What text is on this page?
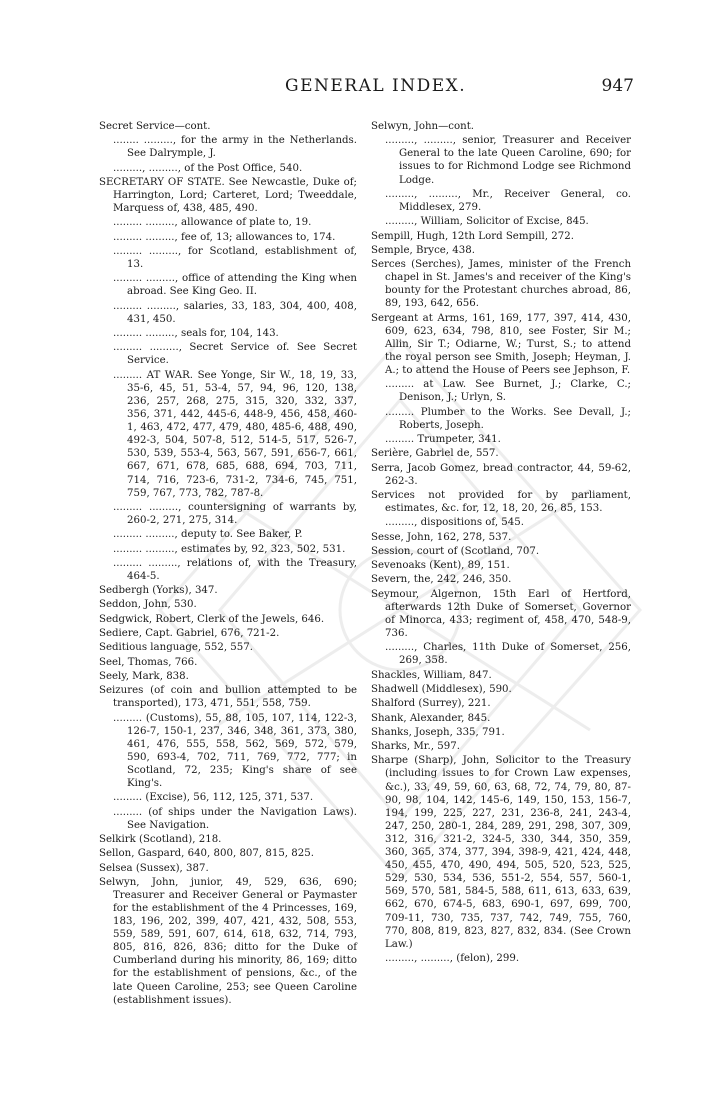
GENERAL INDEX.	947

Secret Service—cont.

........ ........., for the army in the Netherlands. See Dalrymple, J.

........., ........., of the Post Office, 540.

SECRETARY OF STATE. See Newcastle, Duke of; Harrington, Lord; Carteret, Lord; Tweeddale, Marquess of, 438, 485, 490.

......... ........., allowance of plate to, 19.

......... ........., fee of, 13; allowances to, 174.

......... ........., for Scotland, establishment of, 13.

......... ........., office of attending the King when abroad. See King Geo. II.

......... ........., salaries, 33, 183, 304, 400, 408, 431, 450.

......... ........., seals for, 104, 143.

......... ........., Secret Service of. See Secret Service.

......... AT WAR. See Yonge, Sir W., 18, 19, 33, 35-6, 45, 51, 53-4, 57, 94, 96, 120, 138, 236, 257, 268, 275, 315, 320, 332, 337, 356, 371, 442, 445-6, 448-9, 456, 458, 460-1, 463, 472, 477, 479, 480, 485-6, 488, 490, 492-3, 504, 507-8, 512, 514-5, 517, 526-7, 530, 539, 553-4, 563, 567, 591, 656-7, 661, 667, 671, 678, 685, 688, 694, 703, 711, 714, 716, 723-6, 731-2, 734-6, 745, 751, 759, 767, 773, 782, 787-8.

......... ........., countersigning of warrants by, 260-2, 271, 275, 314.

......... ........., deputy to. See Baker, P.

......... ........., estimates by, 92, 323, 502, 531.

......... ........., relations of, with the Treasury, 464-5.

Sedbergh (Yorks), 347.

Seddon, John, 530.

Sedgwick, Robert, Clerk of the Jewels, 646.

Sediere, Capt. Gabriel, 676, 721-2.

Seditious language, 552, 557.

Seel, Thomas, 766.

Seely, Mark, 838.

Seizures (of coin and bullion attempted to be transported), 173, 471, 551, 558, 759.

......... (Customs), 55, 88, 105, 107, 114, 122-3, 126-7, 150-1, 237, 346, 348, 361, 373, 380, 461, 476, 555, 558, 562, 569, 572, 579, 590, 693-4, 702, 711, 769, 772, 777; in Scotland, 72, 235; King's share of see King's.

......... (Excise), 56, 112, 125, 371, 537.

......... (of ships under the Navigation Laws). See Navigation.

Selkirk (Scotland), 218.

Sellon, Gaspard, 640, 800, 807, 815, 825.

Selsea (Sussex), 387.

Selwyn, John, junior, 49, 529, 636, 690; Treasurer and Receiver General or Paymaster for the establishment of the 4 Princesses, 169, 183, 196, 202, 399, 407, 421, 432, 508, 553, 559, 589, 591, 607, 614, 618, 632, 714, 793, 805, 816, 826, 836; ditto for the Duke of Cumberland during his minority, 86, 169; ditto for the establishment of pensions, &c., of the late Queen Caroline, 253; see Queen Caroline (establishment issues).

Selwyn, John—cont.

........., ........., senior, Treasurer and Receiver General to the late Queen Caroline, 690; for issues to for Richmond Lodge see Richmond Lodge.

........., ........., Mr., Receiver General, co. Middlesex, 279.

........., William, Solicitor of Excise, 845.

Sempill, Hugh, 12th Lord Sempill, 272.

Semple, Bryce, 438.

Serces (Serches), James, minister of the French chapel in St. James's and receiver of the King's bounty for the Protestant churches abroad, 86, 89, 193, 642, 656.

Sergeant at Arms, 161, 169, 177, 397, 414, 430, 609, 623, 634, 798, 810, see Foster, Sir M.; Allin, Sir T.; Odiarne, W.; Turst, S.; to attend the royal person see Smith, Joseph; Heyman, J. A.; to attend the House of Peers see Jephson, F.

......... at Law. See Burnet, J.; Clarke, C.; Denison, J.; Urlyn, S.

......... Plumber to the Works. See Devall, J.; Roberts, Joseph.

......... Trumpeter, 341.

Serière, Gabriel de, 557.

Serra, Jacob Gomez, bread contractor, 44, 59-62, 262-3.

Services not provided for by parliament, estimates, &c. for, 12, 18, 20, 26, 85, 153.

........., dispositions of, 545.

Sesse, John, 162, 278, 537.

Session, court of (Scotland, 707.

Sevenoaks (Kent), 89, 151.

Severn, the, 242, 246, 350.

Seymour, Algernon, 15th Earl of Hertford, afterwards 12th Duke of Somerset, Governor of Minorca, 433; regiment of, 458, 470, 548-9, 736.

........., Charles, 11th Duke of Somerset, 256, 269, 358.

Shackles, William, 847.

Shadwell (Middlesex), 590.

Shalford (Surrey), 221.

Shank, Alexander, 845.

Shanks, Joseph, 335, 791.

Sharks, Mr., 597.

Sharpe (Sharp), John, Solicitor to the Treasury (including issues to for Crown Law expenses, &c.), 33, 49, 59, 60, 63, 68, 72, 74, 79, 80, 87-90, 98, 104, 142, 145-6, 149, 150, 153, 156-7, 194, 199, 225, 227, 231, 236-8, 241, 243-4, 247, 250, 280-1, 284, 289, 291, 298, 307, 309, 312, 316, 321-2, 324-5, 330, 344, 350, 359, 360, 365, 374, 377, 394, 398-9, 421, 424, 448, 450, 455, 470, 490, 494, 505, 520, 523, 525, 529, 530, 534, 536, 551-2, 554, 557, 560-1, 569, 570, 581, 584-5, 588, 611, 613, 633, 639, 662, 670, 674-5, 683, 690-1, 697, 699, 700, 709-11, 730, 735, 737, 742, 749, 755, 760, 770, 808, 819, 823, 827, 832, 834. (See Crown Law.)

........., ........., (felon), 299.
